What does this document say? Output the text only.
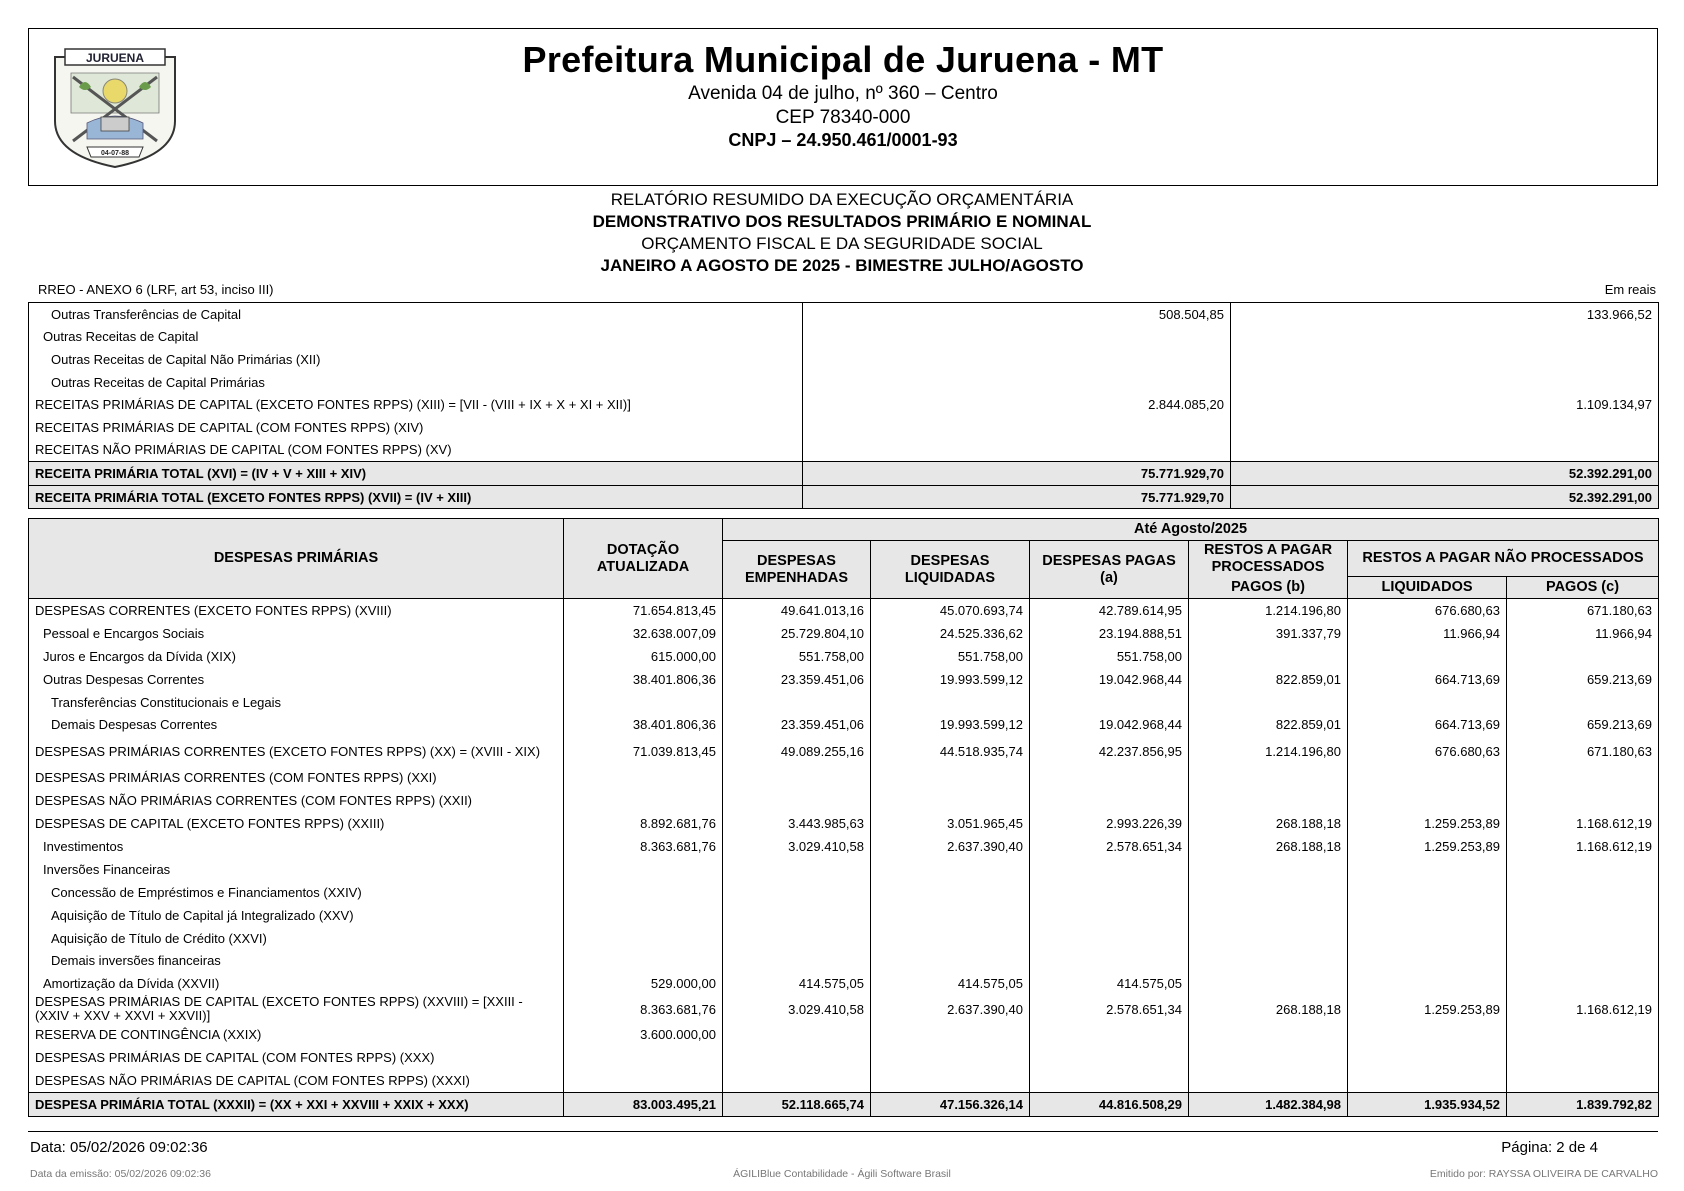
JURUENA
04-07-88
Prefeitura Municipal de Juruena - MT
Avenida 04 de julho, nº 360 – Centro
CEP 78340-000
CNPJ – 24.950.461/0001-93
RELATÓRIO RESUMIDO DA EXECUÇÃO ORÇAMENTÁRIA
DEMONSTRATIVO DOS RESULTADOS PRIMÁRIO E NOMINAL
ORÇAMENTO FISCAL E DA SEGURIDADE SOCIAL
JANEIRO A AGOSTO DE 2025 - BIMESTRE JULHO/AGOSTO
RREO - ANEXO 6 (LRF, art 53, inciso III)	Em reais
Outras Transferências de Capital	508.504,85	133.966,52
Outras Receitas de Capital		
Outras Receitas de Capital Não Primárias (XII)		
Outras Receitas de Capital Primárias		
RECEITAS PRIMÁRIAS DE CAPITAL (EXCETO FONTES RPPS) (XIII) = [VII - (VIII + IX + X + XI + XII)]	2.844.085,20	1.109.134,97
RECEITAS PRIMÁRIAS DE CAPITAL (COM FONTES RPPS) (XIV)		
RECEITAS NÃO PRIMÁRIAS DE CAPITAL (COM FONTES RPPS) (XV)		
RECEITA PRIMÁRIA TOTAL (XVI) = (IV + V + XIII + XIV)	75.771.929,70	52.392.291,00
RECEITA PRIMÁRIA TOTAL (EXCETO FONTES RPPS) (XVII) = (IV + XIII)	75.771.929,70	52.392.291,00
DESPESAS PRIMÁRIAS	DOTAÇÃO ATUALIZADA	Até Agosto/2025					
		DESPESAS EMPENHADAS	DESPESAS LIQUIDADAS	DESPESAS PAGAS (a)	RESTOS A PAGAR PROCESSADOS	RESTOS A PAGAR NÃO PROCESSADOS	
					PAGOS (b)	LIQUIDADOS	PAGOS (c)
DESPESAS CORRENTES (EXCETO FONTES RPPS) (XVIII)	71.654.813,45	49.641.013,16	45.070.693,74	42.789.614,95	1.214.196,80	676.680,63	671.180,63
Pessoal e Encargos Sociais	32.638.007,09	25.729.804,10	24.525.336,62	23.194.888,51	391.337,79	11.966,94	11.966,94
Juros e Encargos da Dívida (XIX)	615.000,00	551.758,00	551.758,00	551.758,00			
Outras Despesas Correntes	38.401.806,36	23.359.451,06	19.993.599,12	19.042.968,44	822.859,01	664.713,69	659.213,69
Transferências Constitucionais e Legais							
Demais Despesas Correntes	38.401.806,36	23.359.451,06	19.993.599,12	19.042.968,44	822.859,01	664.713,69	659.213,69
DESPESAS PRIMÁRIAS CORRENTES (EXCETO FONTES RPPS) (XX) = (XVIII - XIX)	71.039.813,45	49.089.255,16	44.518.935,74	42.237.856,95	1.214.196,80	676.680,63	671.180,63
DESPESAS PRIMÁRIAS CORRENTES (COM FONTES RPPS) (XXI)							
DESPESAS NÃO PRIMÁRIAS CORRENTES (COM FONTES RPPS) (XXII)							
DESPESAS DE CAPITAL (EXCETO FONTES RPPS) (XXIII)	8.892.681,76	3.443.985,63	3.051.965,45	2.993.226,39	268.188,18	1.259.253,89	1.168.612,19
Investimentos	8.363.681,76	3.029.410,58	2.637.390,40	2.578.651,34	268.188,18	1.259.253,89	1.168.612,19
Inversões Financeiras							
Concessão de Empréstimos e Financiamentos (XXIV)							
Aquisição de Título de Capital já Integralizado (XXV)							
Aquisição de Título de Crédito (XXVI)							
Demais inversões financeiras							
Amortização da Dívida (XXVII)	529.000,00	414.575,05	414.575,05	414.575,05			
DESPESAS PRIMÁRIAS DE CAPITAL (EXCETO FONTES RPPS) (XXVIII) = [XXIII - (XXIV + XXV + XXVI + XXVII)]	8.363.681,76	3.029.410,58	2.637.390,40	2.578.651,34	268.188,18	1.259.253,89	1.168.612,19
RESERVA DE CONTINGÊNCIA (XXIX)	3.600.000,00						
DESPESAS PRIMÁRIAS DE CAPITAL (COM FONTES RPPS) (XXX)							
DESPESAS NÃO PRIMÁRIAS DE CAPITAL (COM FONTES RPPS) (XXXI)							
DESPESA PRIMÁRIA TOTAL (XXXII) = (XX + XXI + XXVIII + XXIX + XXX)	83.003.495,21	52.118.665,74	47.156.326,14	44.816.508,29	1.482.384,98	1.935.934,52	1.839.792,82
Data: 05/02/2026 09:02:36	Página: 2 de 4
Data da emissão: 05/02/2026 09:02:36	ÁGILIBlue Contabilidade - Ágili Software Brasil	Emitido por: RAYSSA OLIVEIRA DE CARVALHO
